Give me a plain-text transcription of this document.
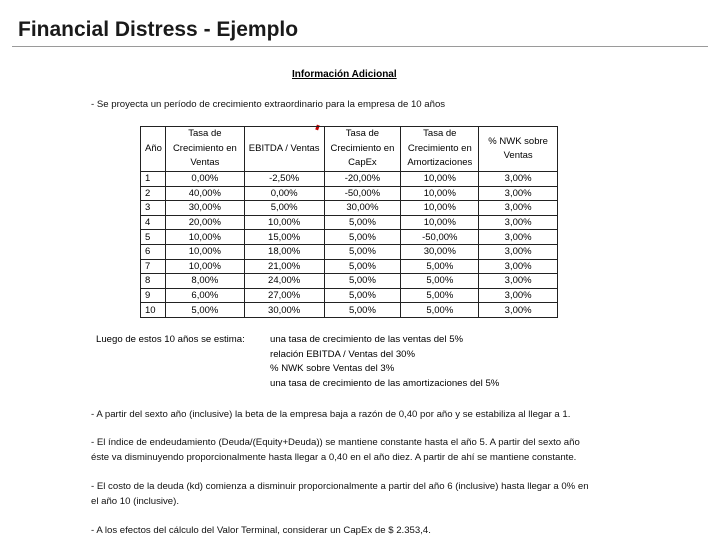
Financial Distress - Ejemplo
Información Adicional
- Se proyecta un período de crecimiento extraordinario para la empresa de 10 años
Año	Tasa de Crecimiento en Ventas	EBITDA / Ventas	Tasa de Crecimiento en CapEx	Tasa de Crecimiento en Amortizaciones	% NWK sobre Ventas
1	0,00%	-2,50%	-20,00%	10,00%	3,00%
2	40,00%	0,00%	-50,00%	10,00%	3,00%
3	30,00%	5,00%	30,00%	10,00%	3,00%
4	20,00%	10,00%	5,00%	10,00%	3,00%
5	10,00%	15,00%	5,00%	-50,00%	3,00%
6	10,00%	18,00%	5,00%	30,00%	3,00%
7	10,00%	21,00%	5,00%	5,00%	3,00%
8	8,00%	24,00%	5,00%	5,00%	3,00%
9	6,00%	27,00%	5,00%	5,00%	3,00%
10	5,00%	30,00%	5,00%	5,00%	3,00%
Luego de estos 10 años se estima:	una tasa de crecimiento de las ventas del 5%
relación EBITDA / Ventas del 30%
% NWK sobre Ventas del 3%
una tasa de crecimiento de las amortizaciones del 5%
- A partir del sexto año (inclusive) la beta de la empresa baja a razón de 0,40 por año y se estabiliza al llegar a 1.
- El índice de endeudamiento (Deuda/(Equity+Deuda)) se mantiene constante hasta el año 5. A partir del sexto año
éste va disminuyendo proporcionalmente hasta llegar a 0,40 en el año diez. A partir de ahí se mantiene constante.
- El costo de la deuda (kd) comienza a disminuir proporcionalmente a partir del año 6 (inclusive) hasta llegar a 0% en
el año 10 (inclusive).
- A los efectos del cálculo del Valor Terminal, considerar un CapEx de $ 2.353,4.
